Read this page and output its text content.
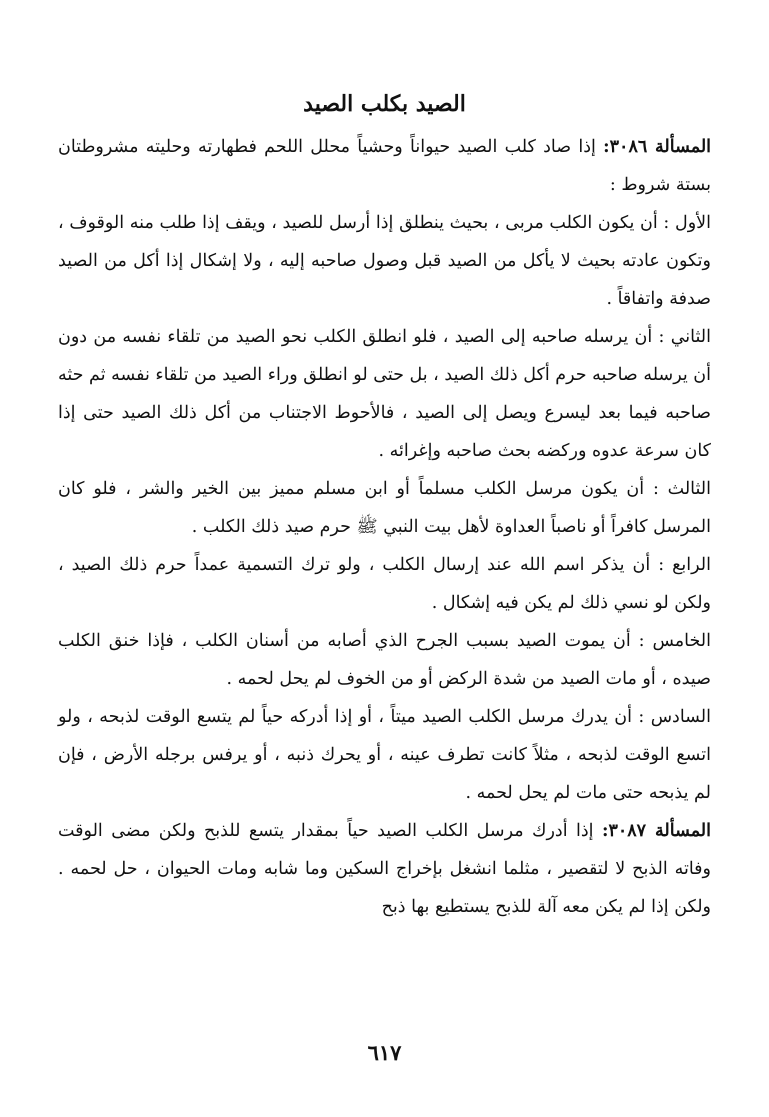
الصيد بكلب الصيد

المسألة ٣٠٨٦: إذا صاد كلب الصيد حيواناً وحشياً محلل اللحم فطهارته وحليته مشروطتان بستة شروط :

الأول : أن يكون الكلب مربى ، بحيث ينطلق إذا أرسل للصيد ، ويقف إذا طلب منه الوقوف ، وتكون عادته بحيث لا يأكل من الصيد قبل وصول صاحبه إليه ، ولا إشكال إذا أكل من الصيد صدفة واتفاقاً .

الثاني : أن يرسله صاحبه إلى الصيد ، فلو انطلق الكلب نحو الصيد من تلقاء نفسه من دون أن يرسله صاحبه حرم أكل ذلك الصيد ، بل حتى لو انطلق وراء الصيد من تلقاء نفسه ثم حثه صاحبه فيما بعد ليسرع ويصل إلى الصيد ، فالأحوط الاجتناب من أكل ذلك الصيد حتى إذا كان سرعة عدوه وركضه بحث صاحبه وإغرائه .

الثالث : أن يكون مرسل الكلب مسلماً أو ابن مسلم مميز بين الخير والشر ، فلو كان المرسل كافراً أو ناصباً العداوة لأهل بيت النبي ﷺ حرم صيد ذلك الكلب .

الرابع : أن يذكر اسم الله عند إرسال الكلب ، ولو ترك التسمية عمداً حرم ذلك الصيد ، ولكن لو نسي ذلك لم يكن فيه إشكال .

الخامس : أن يموت الصيد بسبب الجرح الذي أصابه من أسنان الكلب ، فإذا خنق الكلب صيده ، أو مات الصيد من شدة الركض أو من الخوف لم يحل لحمه .

السادس : أن يدرك مرسل الكلب الصيد ميتاً ، أو إذا أدركه حياً لم يتسع الوقت لذبحه ، ولو اتسع الوقت لذبحه ، مثلاً كانت تطرف عينه ، أو يحرك ذنبه ، أو يرفس برجله الأرض ، فإن لم يذبحه حتى مات لم يحل لحمه .

المسألة ٣٠٨٧: إذا أدرك مرسل الكلب الصيد حياً بمقدار يتسع للذبح ولكن مضى الوقت وفاته الذبح لا لتقصير ، مثلما انشغل بإخراج السكين وما شابه ومات الحيوان ، حل لحمه . ولكن إذا لم يكن معه آلة للذبح يستطيع بها ذبح

٦١٧
